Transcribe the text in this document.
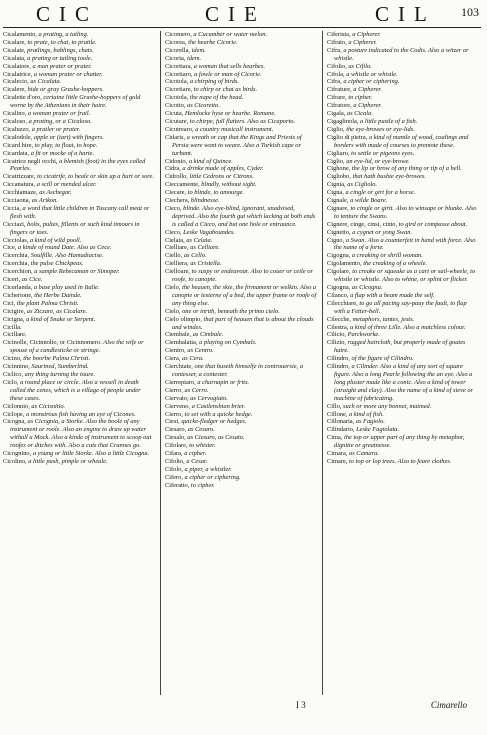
CIC	CIE	CIL 103

Cicalamento, a prating, a tatling.

Cicalare, to prate, to chat, to prattle.

Cicalate, pratlings, bablings, chats.

Cicalata, a prating or tatling toole.

Cicalatore, a man prater or prater.

Cicalatrice, a woman prater or chatter.

Cicalecio, as Cicalata.

Cicalere, bide or gray Grashe-hoppers.

Cicalette d'oro, certaine little Grashe-hoppers of gold worne by the Athenians in their haire.

Cicalino, a woman prater or frail.

Cicaloso, a prating, or a Cicaloso.

Cicaluzzo, a pratler or prater.

Cicalodole, apple or (tart) with fingers.

Cicard hire, to play, to flout, to hope.

Cicardata, a fit or mocke of a harte.

Cicatrice negli occhi, a blemish (foot) in the eyes called Pearles.

Cicatrizzare, to cicatrife, to heale or skin up a hurt or sore.

Ciccanatura, a scill or mended ulcer.

Cicchiamaze, as Aschegar.

Cicciaona, as Arikon.

Ciccia, a word that little children in Tuscany call meat or flesh with.

Cicciazi, bolts, pultes, fillents or such kind timours in fingers or toes.

Cicciolas, a kind of wild pooll.

Cice, a kinde of round Date. Also as Cece.

Cicerchia, Soulfille. Also Hamadiacise.

Cicerchia, the pulse Chickpeas.

Cicerchion, a sample Rebecaman or Simoper.

Ciceri, as Cice.

Cicerlanda, a base play used in Italie.

Cicherione, the Herbe Dainde.

Cici, the plant Palma Christi.

Cicigire, as Ziczare, as Cicalare.

Cicigna, a kind of Snake or Serpent.

Cicilla.

Cicillare.

Cicinolle, Cicinnolio, or Cicinnomero. Also the wife or spouse of a candlesticke or stringe.

Cicino, the boorbe Palma Christi.

Cicinnino, Saurined, Sumberlind.

Ciclico, any thing turning the toure.

Ciclo, a round place or circle. Also a vessell in death called the cenes, which is a village of people under these cases.

Ciclonnio, as Cicisnitio.

Ciclope, a monstrous fish having an eye of Cicones.

Cicogna, as Cicognia, a Storke. Also the boole of any instrument or roole. Also an engine to draw up water withall a Mock. Also a kinde of instrument to scoop out roofes or ditches with. Also a cuts that Crannes go.

Cicognino, a young or little Storke. Also a little Cicogna.

Cicolino, a little push, pimple or wheale.

Cicomero, a Cucumber or water melon.

Cicorea, the hearbe Cicorie.

Cicorella, idem.

Cicoria, idem.

Cicortiara, a woman that sells hearbes.

Cicortiaro, a fowle or man of Cicorie.

Cicotola, a chirping of birds.

Cicortiare, to chirp or chat as birds.

Cicotola, the nape of the head.

Cicotto, as Cicoretto.

Cicuta, Hemlocke hyse or hearbe. Romane.

Cicutare, to chirpe, full flutters. Also as Cicaporto.

Cicutrearo, a country musicall instrument.

Cidaris, a wreath or cap that the Kings and Priests of Persia were wont to weare. Also a Turkish cape or turbant.

Cidonio, a kind of Quince.

Cidra, a drinke made of apples, Cyder.

Cidrollo, little Cedrons or Citrons.

Cieccamente, blindly, without sight.

Ciecare, to blinde, to amourge.

Ciechera, blindnesse.

Cieco, blinde. Also eye-blind, ignorant, unadvised, deprived. Also the fourth gut which lacking at both ends is called a Cieco, and but one hole or entraunce.

Cieco, Leske Vagaboundes.

Cielata, as Celata.

Cielliare, as Celliare.

Ciello, as Cello.

Cielliera, as Cristella.

Cielloare, to suspy or endeavour. Also to couer or ceile or roofe, to canopie.

Cielo, the heauen, the skie, the firmament or welkin. Also a canopie or testerne of a bed, the upper frame or roofe of any thing else.

Cielo, one or inrith, beneath the primo cielo.

Cielo olimpio, that part of heauen that is about the clouds and windes.

Ciembale, as Cimbale.

Ciembalatia, a playing on Cymbals.

Cientro, as Centro.

Ciera, as Cera.

Cierchiate, one that buseth himselfe in controuersie, a contesser, a contester.

Cierrepiaro, a charnapin or frits.

Cierro, as Cerro.

Ciervato, as Cervogiato.

Cierveno, a Castlenshian brier.

Cierro, to set with a quicke hedge.

Ciesi, quicke-fledger or hedges.

Ciesaro, as Cesaro.

Ciesalo, as Ciesaro, as Cesato.

Cifolare, to whister.

Cifara, a cipher.

Cifolto, a Cesar.

Cifolo, a piper, a whistler.

Cifero, a cipher or ciphering.

Ciferatto, to cipher.

Ciferista, a Cipherer.

Cifrato, a Cipherer.

Cifra, a posture indicated to the Codis. Also a witzer or whistle.

Cifolio, as Cifilo.

Cifola, a whistle or whistle.

Cifra, a cipher or ciphering.

Cifrature, a Cipherer.

Cifrare, to cipher.

Cifratore, a Cipherer.

Cigala, as Cicala.

Cigaglinola, a little pustle of a fisb.

Ciglio, the eye-browes or eye-lids.

Ciglio di pietra, a kind of mantle of wood, coalings and borders with made of courses to premote these.

Cigliaro, to settle or pigeons eyes.

Ciglio, an eye-lid, or eye-browe.

Cighone, the lip or brow of any thing or tip of a bell.

Cigliobo, that hath bushie eye-browes.

Cignia, as Cigliolo.

Cigna, a cingle or girt for a horse.

Cignale, a wilde Boare.

Cignare, to cingle or girtt. Also to winsape or blunke. Also to tenture the Swans.

Cignere, cinge, cinsi, cinto, to gird or compasse about.

Cignetto, a cygnet or yong Swan.

Cigno, a Swan. Also a counterfeit in hand with force. Also the name of a forte.

Cigogna, a creaking or shrill woman.

Cigolamento, the creaking of a wheele.

Cigolare, to creake or squeake as a cart or sail-wheele, to whistle or whistle. Also to whine, or splint or flicker.

Cigogna, as Cicogna.

Cilanco, a flap with a beam made the self.

Cilecchiare, to go all pacing say-pauy the fault, to flap with a Fetter-bell.

Cilecche, metaphors, tantes, jests.

Cilestra, a kind of three Lille. Also a matchless colour.

Cilicio, Parckworke.

Cilizio, rugged haircloth, but properly made of goates haire.

Cilindro, of the figure of Cilindro.

Cilindro, a Cilinder. Also a kind of any sort of square figure. Also a long Pearle following the an eye. Also a long pluster made like a conic. Also a kind of tower (straight and clay). Also the name of a kind of sieve or machine of fabricating.

Cillo, such or more any bonnet, maimed.

Cillone, a kind of fish.

Cillonaria, as Fagiolo.

Cilindario, Leske Fagiolata.

Cima, the top or upper part of any thing by metaphor, dignitie or greatnesse.

Cimara, as Camara.

Cimare, to top or lop trees. Also to feare clothes.

I 3	Cimarello
